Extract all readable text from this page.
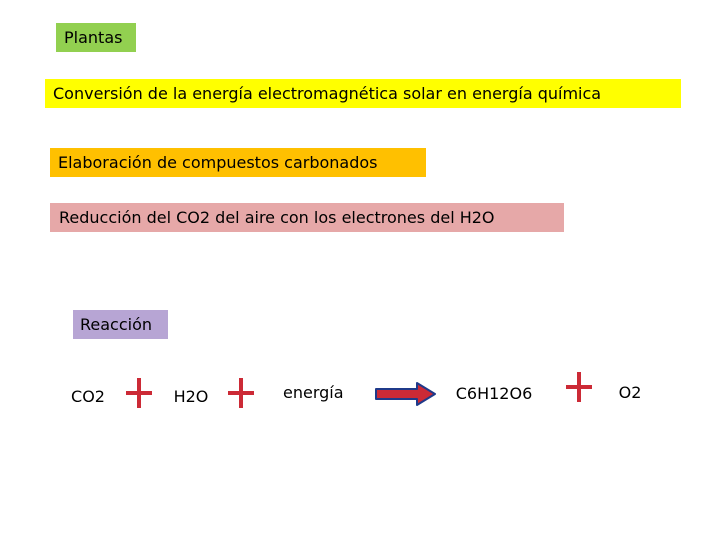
Plantas
Conversión de la energía electromagnética solar en energía química
Elaboración de compuestos carbonados
Reducción del CO2 del aire con los electrones del H2O
Reacción
CO2	H2O	energía → C6H12O6	O2
